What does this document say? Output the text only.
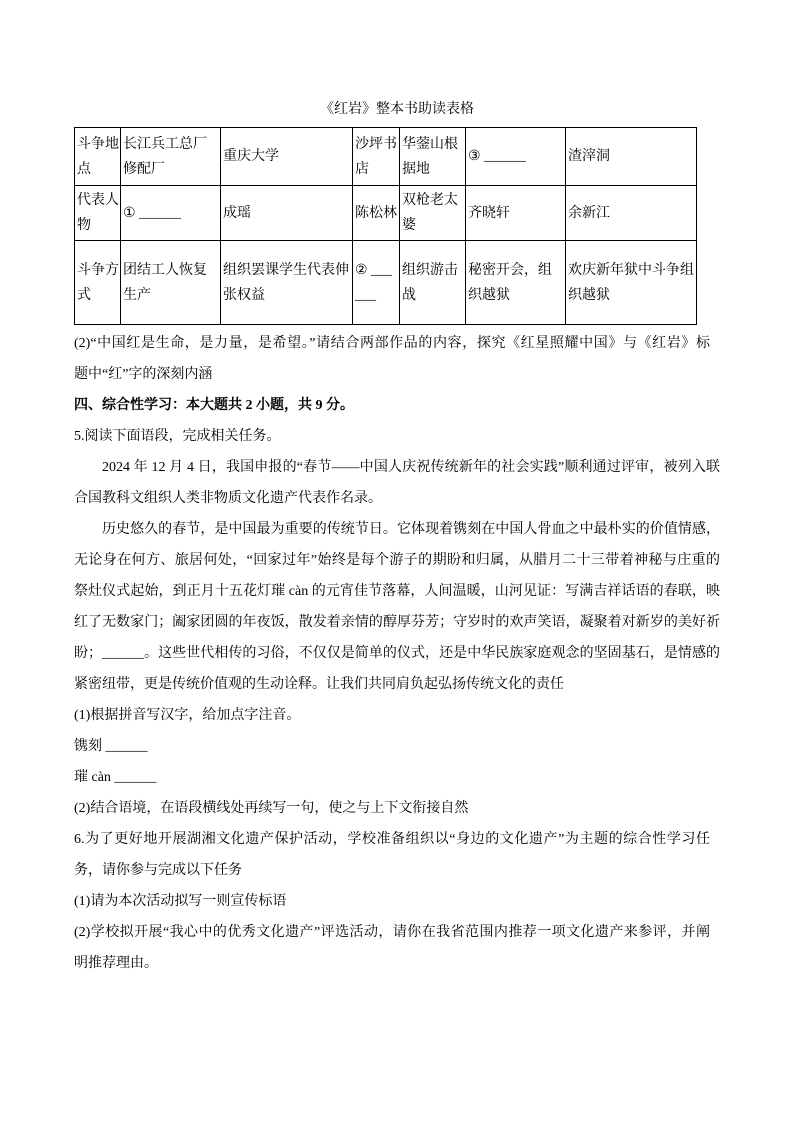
《红岩》整本书助读表格
斗争地点	长江兵工总厂修配厂	重庆大学	沙坪书店	华蓥山根据地	③ ______	渣滓洞
代表人物	① ______	成瑶	陈松林	双枪老太婆	齐晓轩	余新江
斗争方式	团结工人恢复生产	组织罢课学生代表伸张权益	② ______	组织游击战	秘密开会，组织越狱	欢庆新年狱中斗争组织越狱
(2)“中国红是生命，是力量，是希望。”请结合两部作品的内容，探究《红星照耀中国》与《红岩》标
题中“红”字的深刻内涵
四、综合性学习：本大题共 2 小题，共 9 分。
5.阅读下面语段，完成相关任务。
2024 年 12 月 4 日，我国申报的“春节——中国人庆祝传统新年的社会实践”顺利通过评审，被列入联
合国教科文组织人类非物质文化遗产代表作名录。
历史悠久的春节，是中国最为重要的传统节日。它体现着镌刻在中国人骨血之中最朴实的价值情感，
无论身在何方、旅居何处，“回家过年”始终是每个游子的期盼和归属，从腊月二十三带着神秘与庄重的
祭灶仪式起始，到正月十五花灯璀 càn 的元宵佳节落幕，人间温暖，山河见证：写满吉祥话语的春联，映
红了无数家门；阖家团圆的年夜饭，散发着亲情的醇厚芬芳；守岁时的欢声笑语，凝聚着对新岁的美好祈
盼；______。这些世代相传的习俗，不仅仅是简单的仪式，还是中华民族家庭观念的坚固基石，是情感的
紧密纽带，更是传统价值观的生动诠释。让我们共同肩负起弘扬传统文化的责任
(1)根据拼音写汉字，给加点字注音。
镌刻 ______
璀 càn ______
(2)结合语境，在语段横线处再续写一句，使之与上下文衔接自然
6.为了更好地开展湖湘文化遗产保护活动，学校准备组织以“身边的文化遗产”为主题的综合性学习任
务，请你参与完成以下任务
(1)请为本次活动拟写一则宣传标语
(2)学校拟开展“我心中的优秀文化遗产”评选活动，请你在我省范围内推荐一项文化遗产来参评，并阐
明推荐理由。
